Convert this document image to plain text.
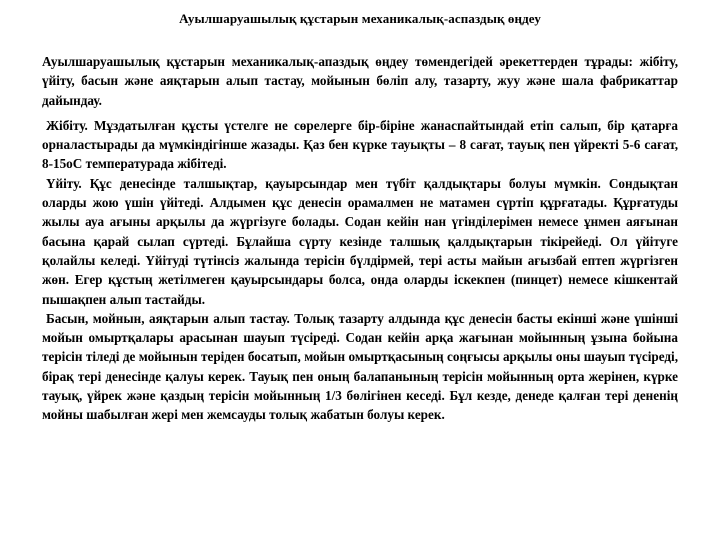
Ауылшаруашылық құстарын механикалық-аспаздық өңдеу

Ауылшаруашылық құстарын механикалық-апаздық өңдеу төмендегідей әрекеттерден тұрады: жібіту, үйіту, басын және аяқтарын алып тастау, мойынын бөліп алу, тазарту, жуу және шала фабрикаттар дайындау.

Жібіту. Мұздатылған құсты үстелге не сөрелерге бір-біріне жанаспайтындай етіп салып, бір қатарға орналастырады да мүмкіндігінше жазады. Қаз бен күрке тауықты – 8 сағат, тауық пен үйректі 5-6 сағат, 8-15оС температурада жібітеді.

Үйіту. Құс денесінде талшықтар, қауырсындар мен түбіт қалдықтары болуы мүмкін. Сондықтан оларды жою үшін үйітеді. Алдымен құс денесін орамалмен не матамен сүртіп құрғатады. Құрғатуды жылы ауа ағыны арқылы да жүргізуге болады. Содан кейін нан үгінділерімен немесе ұнмен аяғынан басына қарай сылап сүртеді. Бұлайша сүрту кезінде талшық қалдықтарын тікірейеді. Ол үйітуге қолайлы келеді. Үйітуді түтінсіз жалында терісін бүлдірмей, тері асты майын ағызбай ептеп жүргізген жөн. Егер құстың жетілмеген қауырсындары болса, онда оларды іскекпен (пинцет) немесе кішкентай пышақпен алып тастайды.

Басын, мойнын, аяқтарын алып тастау. Толық тазарту алдында құс денесін басты екінші және үшінші мойын омыртқалары арасынан шауып түсіреді. Содан кейін арқа жағынан мойынның ұзына бойына терісін тіледі де мойынын теріден босатып, мойын омыртқасының соңғысы арқылы оны шауып түсіреді, бірақ тері денесінде қалуы керек. Тауық пен оның балапанының терісін мойынның орта жерінен, күрке тауық, үйрек және қаздың терісін мойынның 1/3 бөлігінен кеседі. Бұл кезде, денеде қалған тері дененің мойны шабылған жері мен жемсауды толық жабатын болуы керек.
